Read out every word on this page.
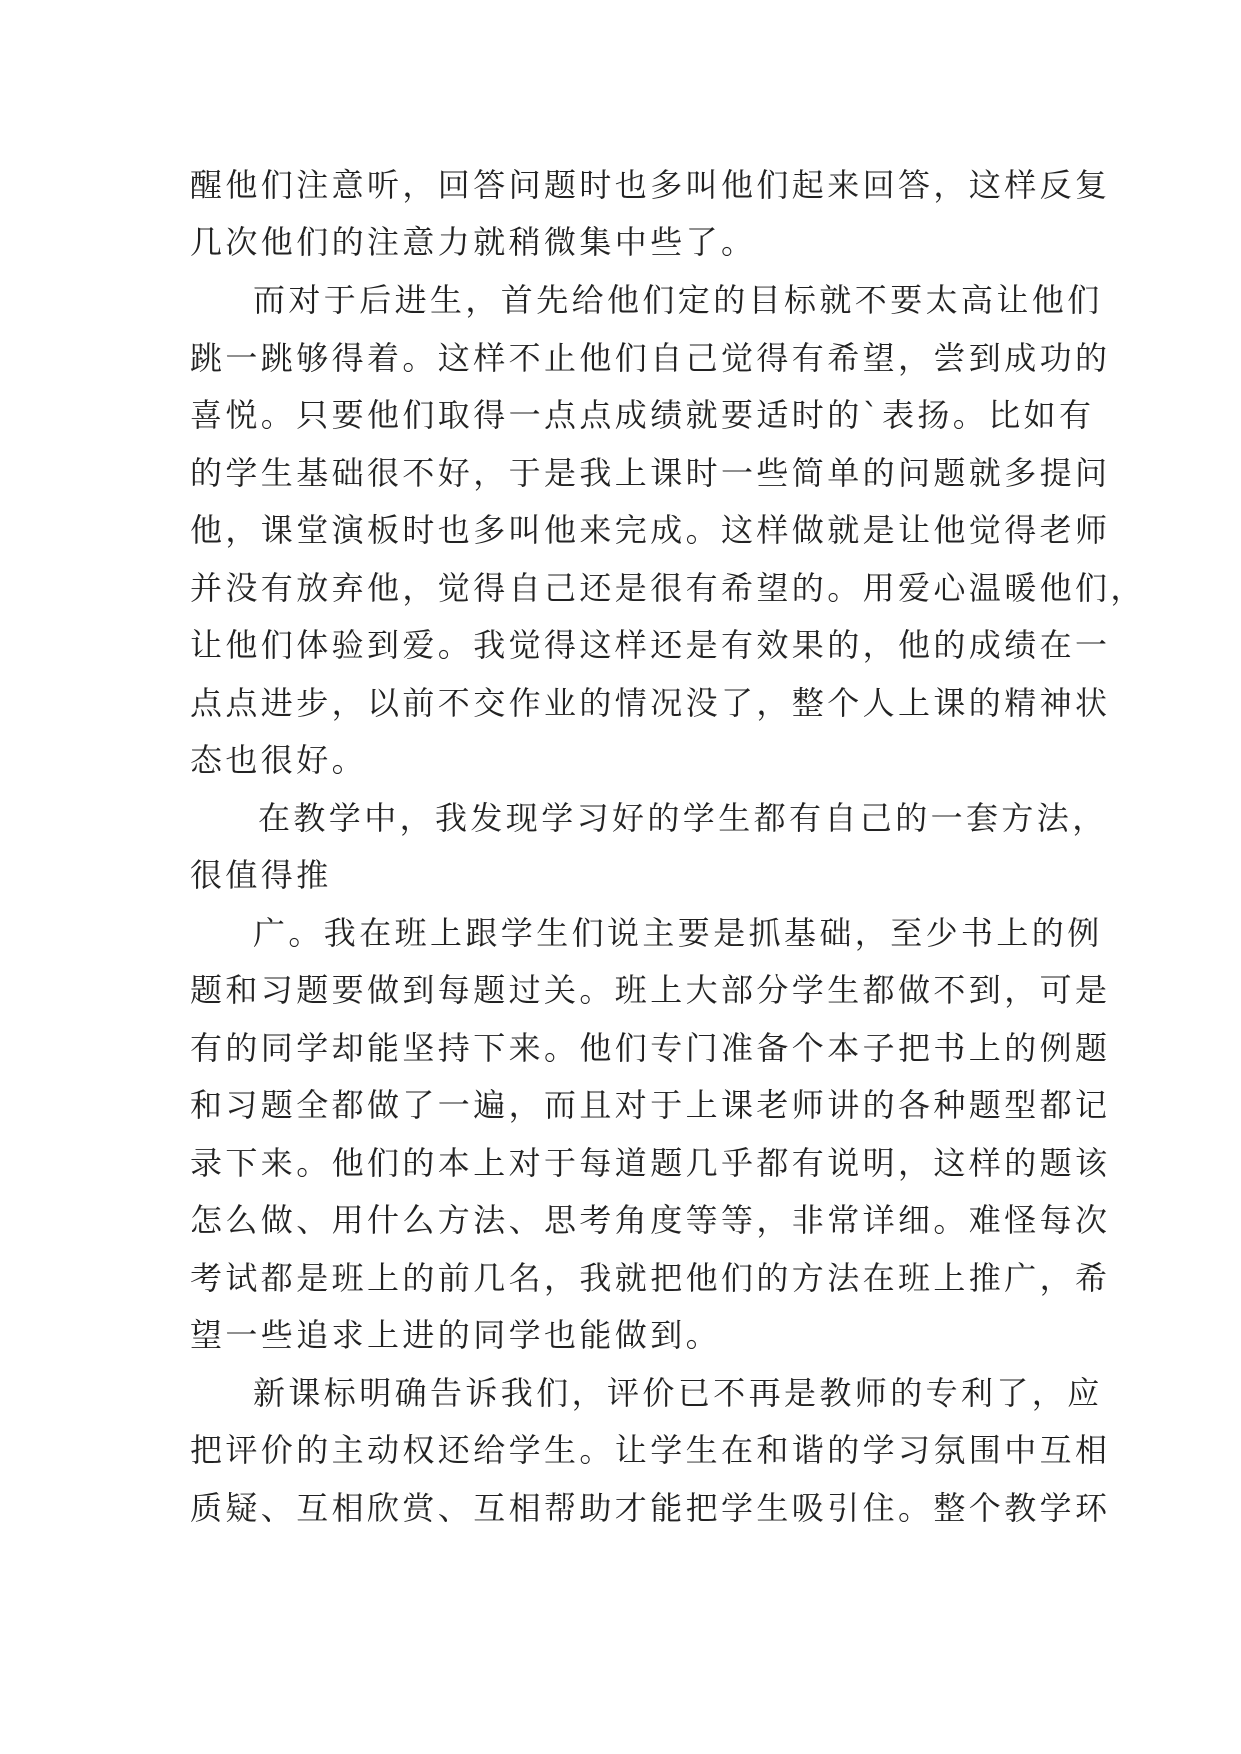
醒他们注意听，回答问题时也多叫他们起来回答，这样反复
几次他们的注意力就稍微集中些了。
而对于后进生，首先给他们定的目标就不要太高让他们
跳一跳够得着。这样不止他们自己觉得有希望，尝到成功的
喜悦。只要他们取得一点点成绩就要适时的`表扬。比如有
的学生基础很不好，于是我上课时一些简单的问题就多提问
他，课堂演板时也多叫他来完成。这样做就是让他觉得老师
并没有放弃他，觉得自己还是很有希望的。用爱心温暖他们，
让他们体验到爱。我觉得这样还是有效果的，他的成绩在一
点点进步，以前不交作业的情况没了，整个人上课的精神状
态也很好。
在教学中，我发现学习好的学生都有自己的一套方法，
很值得推
广。我在班上跟学生们说主要是抓基础，至少书上的例
题和习题要做到每题过关。班上大部分学生都做不到，可是
有的同学却能坚持下来。他们专门准备个本子把书上的例题
和习题全都做了一遍，而且对于上课老师讲的各种题型都记
录下来。他们的本上对于每道题几乎都有说明，这样的题该
怎么做、用什么方法、思考角度等等，非常详细。难怪每次
考试都是班上的前几名，我就把他们的方法在班上推广，希
望一些追求上进的同学也能做到。
新课标明确告诉我们，评价已不再是教师的专利了，应
把评价的主动权还给学生。让学生在和谐的学习氛围中互相
质疑、互相欣赏、互相帮助才能把学生吸引住。整个教学环
